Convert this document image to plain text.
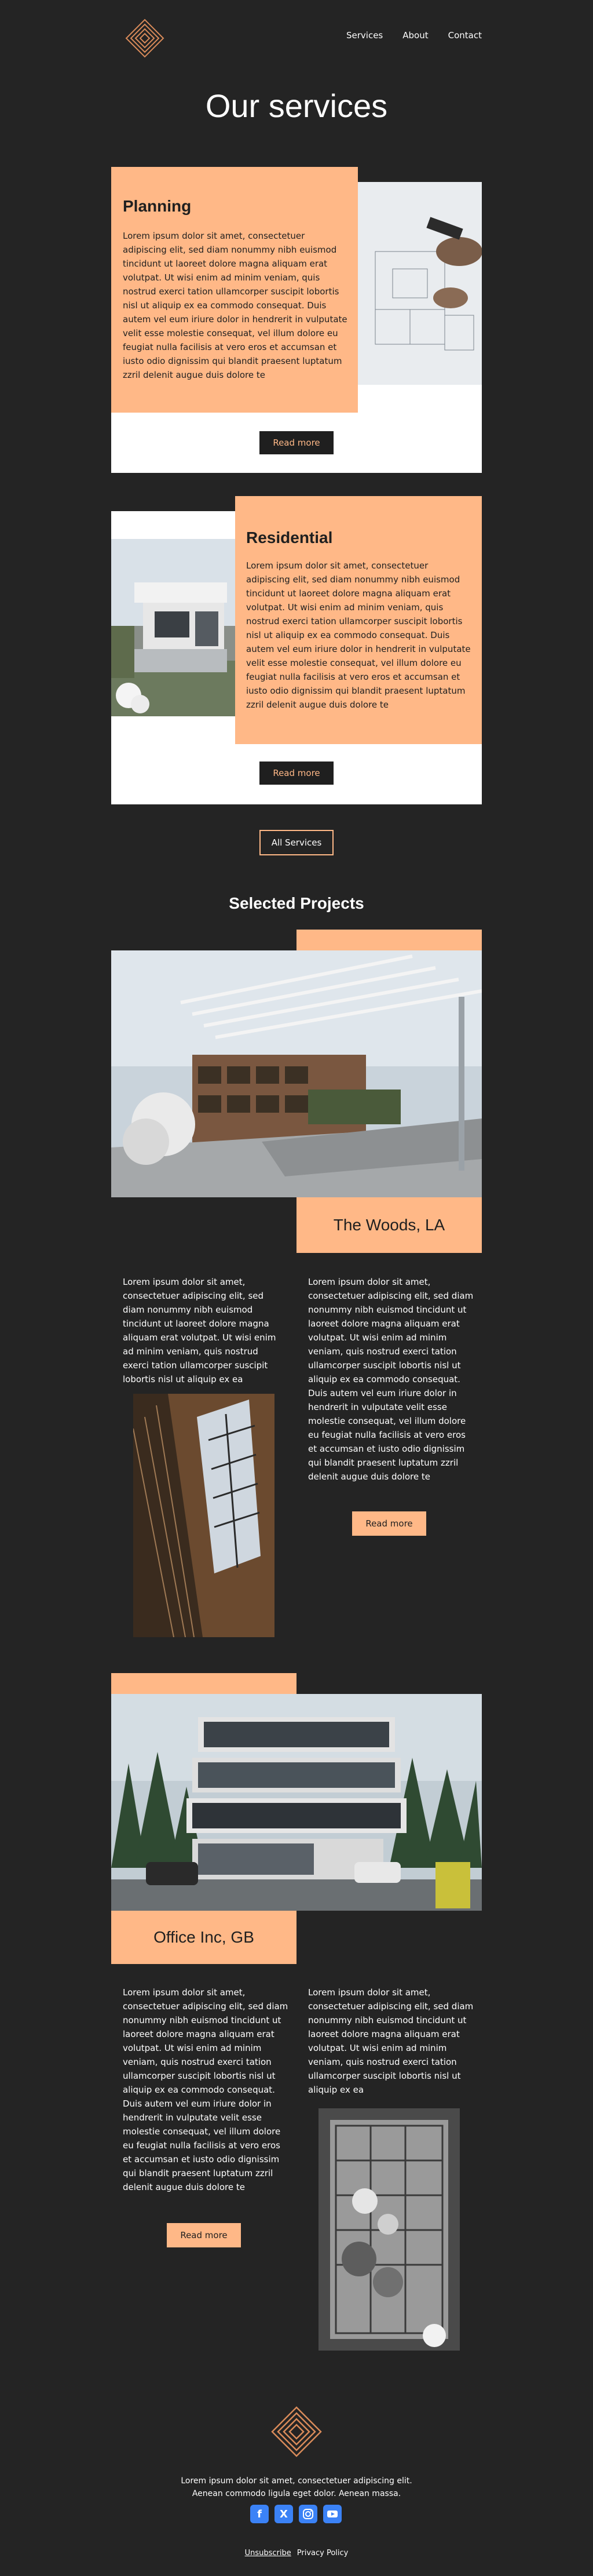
Services About Contact
Our services
Planning
Lorem ipsum dolor sit amet, consectetuer adipiscing elit, sed diam nonummy nibh euismod tincidunt ut laoreet dolore magna aliquam erat volutpat. Ut wisi enim ad minim veniam, quis nostrud exerci tation ullamcorper suscipit lobortis nisl ut aliquip ex ea commodo consequat. Duis autem vel eum iriure dolor in hendrerit in vulputate velit esse molestie consequat, vel illum dolore eu feugiat nulla facilisis at vero eros et accumsan et iusto odio dignissim qui blandit praesent luptatum zzril delenit augue duis dolore te
Read more
Residential
Lorem ipsum dolor sit amet, consectetuer adipiscing elit, sed diam nonummy nibh euismod tincidunt ut laoreet dolore magna aliquam erat volutpat. Ut wisi enim ad minim veniam, quis nostrud exerci tation ullamcorper suscipit lobortis nisl ut aliquip ex ea commodo consequat. Duis autem vel eum iriure dolor in hendrerit in vulputate velit esse molestie consequat, vel illum dolore eu feugiat nulla facilisis at vero eros et accumsan et iusto odio dignissim qui blandit praesent luptatum zzril delenit augue duis dolore te
Read more
All Services
Selected Projects
The Woods, LA
Lorem ipsum dolor sit amet, consectetuer adipiscing elit, sed diam nonummy nibh euismod tincidunt ut laoreet dolore magna aliquam erat volutpat. Ut wisi enim ad minim veniam, quis nostrud exerci tation ullamcorper suscipit lobortis nisl ut aliquip ex ea
Lorem ipsum dolor sit amet, consectetuer adipiscing elit, sed diam nonummy nibh euismod tincidunt ut laoreet dolore magna aliquam erat volutpat. Ut wisi enim ad minim veniam, quis nostrud exerci tation ullamcorper suscipit lobortis nisl ut aliquip ex ea commodo consequat. Duis autem vel eum iriure dolor in hendrerit in vulputate velit esse molestie consequat, vel illum dolore eu feugiat nulla facilisis at vero eros et accumsan et iusto odio dignissim qui blandit praesent luptatum zzril delenit augue duis dolore te
Read more
Office Inc, GB
Lorem ipsum dolor sit amet, consectetuer adipiscing elit, sed diam nonummy nibh euismod tincidunt ut laoreet dolore magna aliquam erat volutpat. Ut wisi enim ad minim veniam, quis nostrud exerci tation ullamcorper suscipit lobortis nisl ut aliquip ex ea commodo consequat. Duis autem vel eum iriure dolor in hendrerit in vulputate velit esse molestie consequat, vel illum dolore eu feugiat nulla facilisis at vero eros et accumsan et iusto odio dignissim qui blandit praesent luptatum zzril delenit augue duis dolore te
Read more
Lorem ipsum dolor sit amet, consectetuer adipiscing elit, sed diam nonummy nibh euismod tincidunt ut laoreet dolore magna aliquam erat volutpat. Ut wisi enim ad minim veniam, quis nostrud exerci tation ullamcorper suscipit lobortis nisl ut aliquip ex ea
Lorem ipsum dolor sit amet, consectetuer adipiscing elit. Aenean commodo ligula eget dolor. Aenean massa.
f	X
Unsubscribe Privacy Policy
